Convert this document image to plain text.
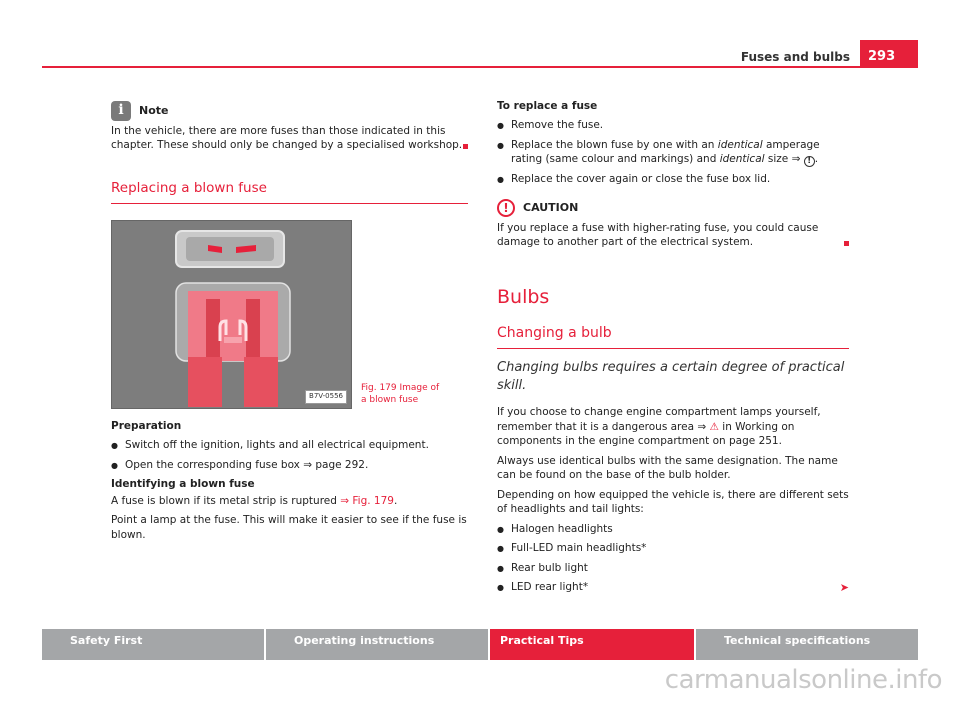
Fuses and bulbs	293
i	Note

In the vehicle, there are more fuses than those indicated in this chapter. These should only be changed by a specialised workshop.

Replacing a blown fuse
B7V-0556
Fig. 179 Image of a blown fuse

Preparation

● Switch off the ignition, lights and all electrical equipment.
● Open the corresponding fuse box ⇒ page 292.

Identifying a blown fuse

A fuse is blown if its metal strip is ruptured ⇒ Fig. 179.

Point a lamp at the fuse. This will make it easier to see if the fuse is blown.

To replace a fuse

● Remove the fuse.
● Replace the blown fuse by one with an identical amperage rating (same colour and markings) and identical size ⇒ ! .
● Replace the cover again or close the fuse box lid.
!	CAUTION

If you replace a fuse with higher-rating fuse, you could cause damage to another part of the electrical system.

Bulbs
Changing a bulb
Changing bulbs requires a certain degree of practical skill.

If you choose to change engine compartment lamps yourself, remember that it is a dangerous area ⇒ ⚠ in Working on components in the engine compartment on page 251.

Always use identical bulbs with the same designation. The name can be found on the base of the bulb holder.

Depending on how equipped the vehicle is, there are different sets of headlights and tail lights:

● Halogen headlights
● Full-LED main headlights*
● Rear bulb light
● LED rear light*	➤
Safety First	Operating instructions	Practical Tips	Technical specifications
carmanualsonline.info
